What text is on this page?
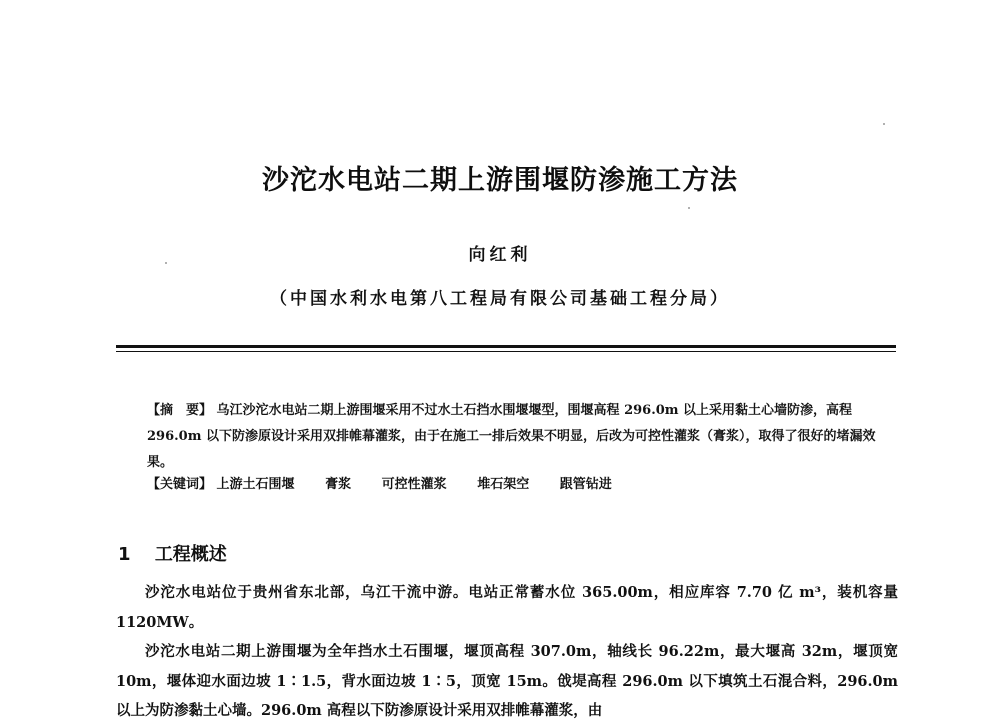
沙沱水电站二期上游围堰防渗施工方法
向红利
（中国水利水电第八工程局有限公司基础工程分局）
【摘　要】 乌江沙沱水电站二期上游围堰采用不过水土石挡水围堰堰型，围堰高程 296.0m 以上采用黏土心墙防渗，高程 296.0m 以下防渗原设计采用双排帷幕灌浆，由于在施工一排后效果不明显，后改为可控性灌浆（膏浆），取得了很好的堵漏效果。
【关键词】 上游土石围堰 膏浆 可控性灌浆 堆石架空 跟管钻进
1 工程概述

沙沱水电站位于贵州省东北部，乌江干流中游。电站正常蓄水位 365.00m，相应库容 7.70 亿 m³，装机容量 1120MW。

沙沱水电站二期上游围堰为全年挡水土石围堰，堰顶高程 307.0m，轴线长 96.22m，最大堰高 32m，堰顶宽 10m，堰体迎水面边坡 1∶1.5，背水面边坡 1∶5，顶宽 15m。戗堤高程 296.0m 以下填筑土石混合料，296.0m 以上为防渗黏土心墙。296.0m 高程以下防渗原设计采用双排帷幕灌浆，由
